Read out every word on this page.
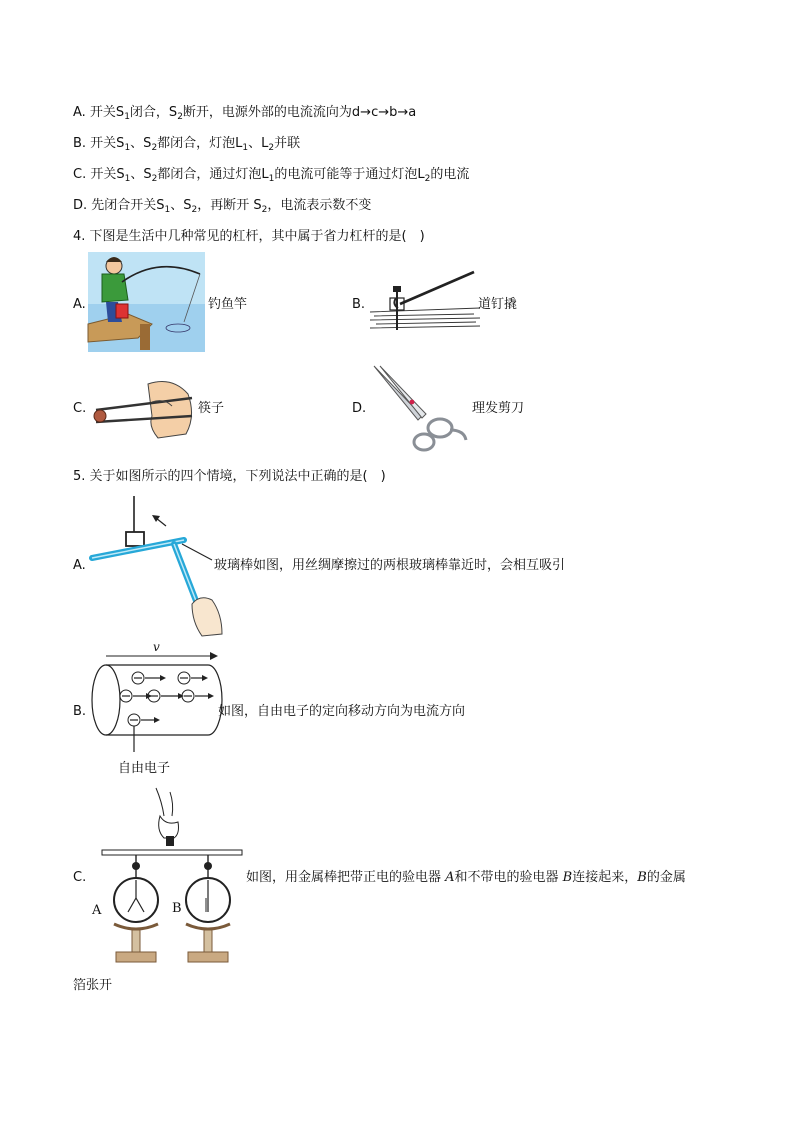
A. 开关$S_1$闭合，$S_2$断开，电源外部的电流流向为d→c→b→a
B. 开关$S_1$、$S_2$都闭合，灯泡$L_1$、$L_2$并联
C. 开关$S_1$、$S_2$都闭合，通过灯泡$L_1$的电流可能等于通过灯泡$L_2$的电流
D. 先闭合开关$S_1$、$S_2$，再断开 $S_2$，电流表示数不变
4. 下图是生活中几种常见的杠杆，其中属于省力杠杆的是(　)
A.	钓鱼竿	B.	道钉撬
C.	筷子	D.	理发剪刀
5. 关于如图所示的四个情境，下列说法中正确的是(　)
A.	玻璃棒如图，用丝绸摩擦过的两根玻璃棒靠近时，会相互吸引
B.
v
如图，自由电子的定向移动方向为电流方向
自由电子
C.
A	B
如图，用金属棒把带正电的验电器 A和不带电的验电器 B连接起来，B的金属
箔张开
